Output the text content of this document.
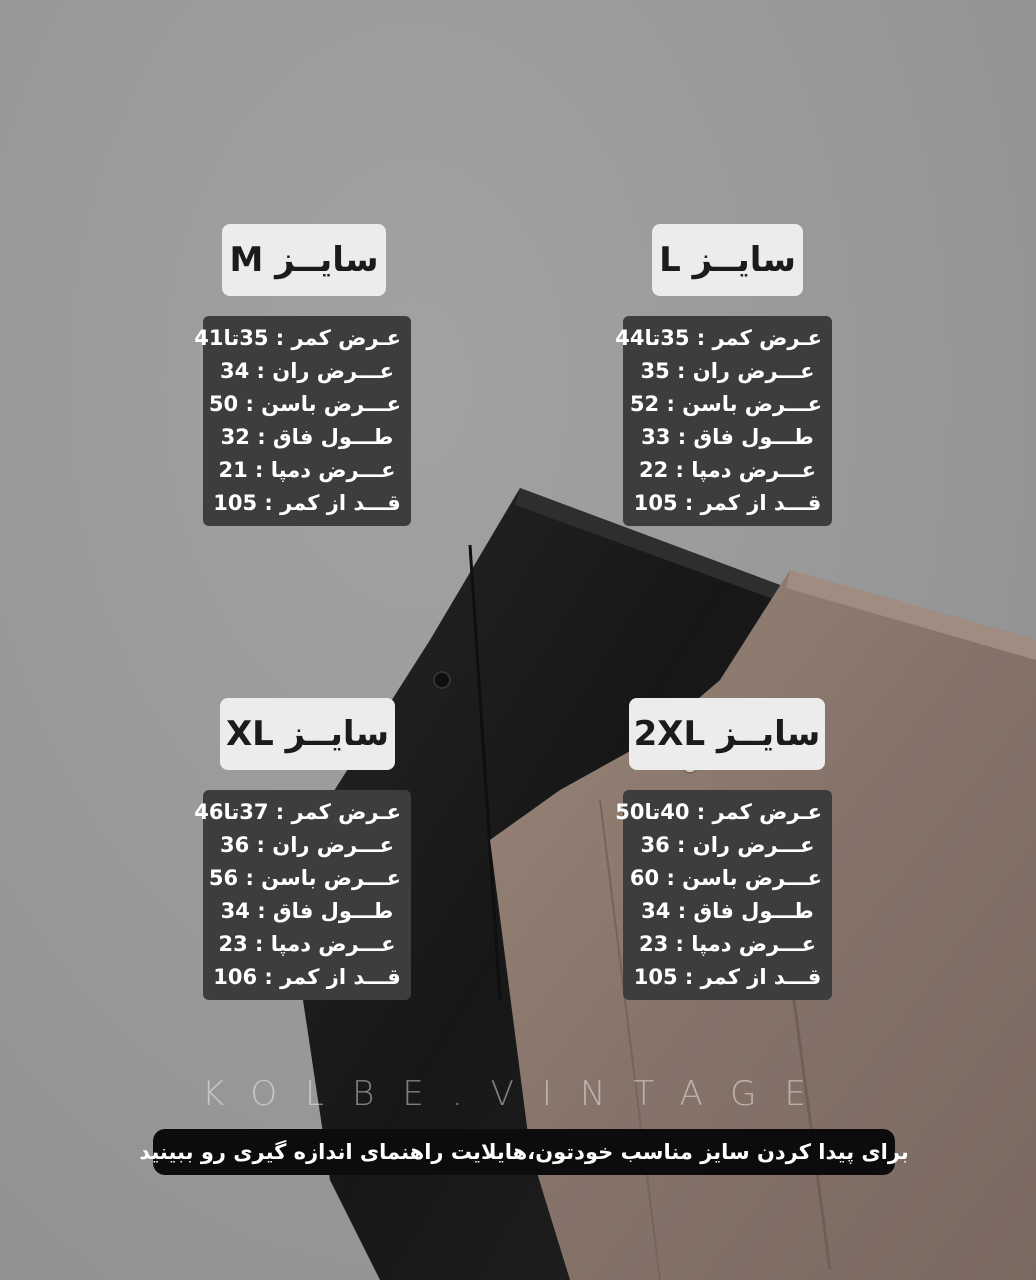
سایــز M
عـرض کمر : 35تا41
عـــرض ران : 34
عـــرض باسن : 50
طـــول فاق : 32
عـــرض دمپا : 21
قـــد از کمر : 105
سایــز L
عـرض کمر : 35تا44
عـــرض ران : 35
عـــرض باسن : 52
طـــول فاق : 33
عـــرض دمپا : 22
قـــد از کمر : 105
سایــز XL
عـرض کمر : 37تا46
عـــرض ران : 36
عـــرض باسن : 56
طـــول فاق : 34
عـــرض دمپا : 23
قـــد از کمر : 106
سایــز 2XL
عـرض کمر : 40تا50
عـــرض ران : 36
عـــرض باسن : 60
طـــول فاق : 34
عـــرض دمپا : 23
قـــد از کمر : 105
KOLBE.VINTAGE
برای پیدا کردن سایز مناسب خودتون،هایلایت راهنمای اندازه گیری رو ببینید
